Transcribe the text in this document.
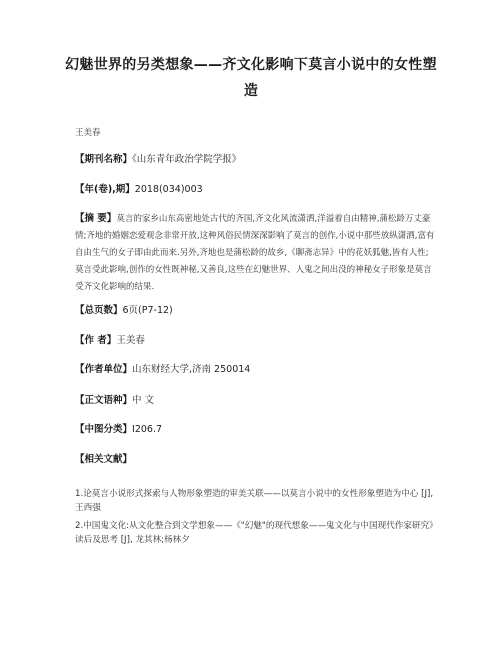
幻魅世界的另类想象——齐文化影响下莫言小说中的女性塑造
王美春
【期刊名称】《山东青年政治学院学报》
【年(卷),期】2018(034)003
【摘 要】莫言的家乡山东高密地处古代的齐国,齐文化风流潇洒,洋溢着自由精神,蒲松龄万丈豪情;齐地的婚姻恋爱观念非常开放,这种风俗民情深深影响了莫言的创作,小说中那些放纵潇洒,富有自由生气的女子即由此而来.另外,齐地也是蒲松龄的故乡,《聊斋志异》中的花妖狐魅,皆有人性;莫言受此影响,创作的女性既神秘,又善良,这些在幻魅世界、人鬼之间出没的神秘女子形象是莫言受齐文化影响的结果.
【总页数】6页(P7-12)
【作 者】王美春
【作者单位】山东财经大学,济南 250014
【正文语种】中 文
【中图分类】I206.7
【相关文献】
1.论莫言小说形式探索与人物形象塑造的审美关联——以莫言小说中的女性形象塑造为中心 [J], 王西强
2.中国鬼文化:从文化整合到文学想象——《"幻魅"的现代想象——鬼文化与中国现代作家研究》读后及思考 [J], 龙其林;杨林夕
